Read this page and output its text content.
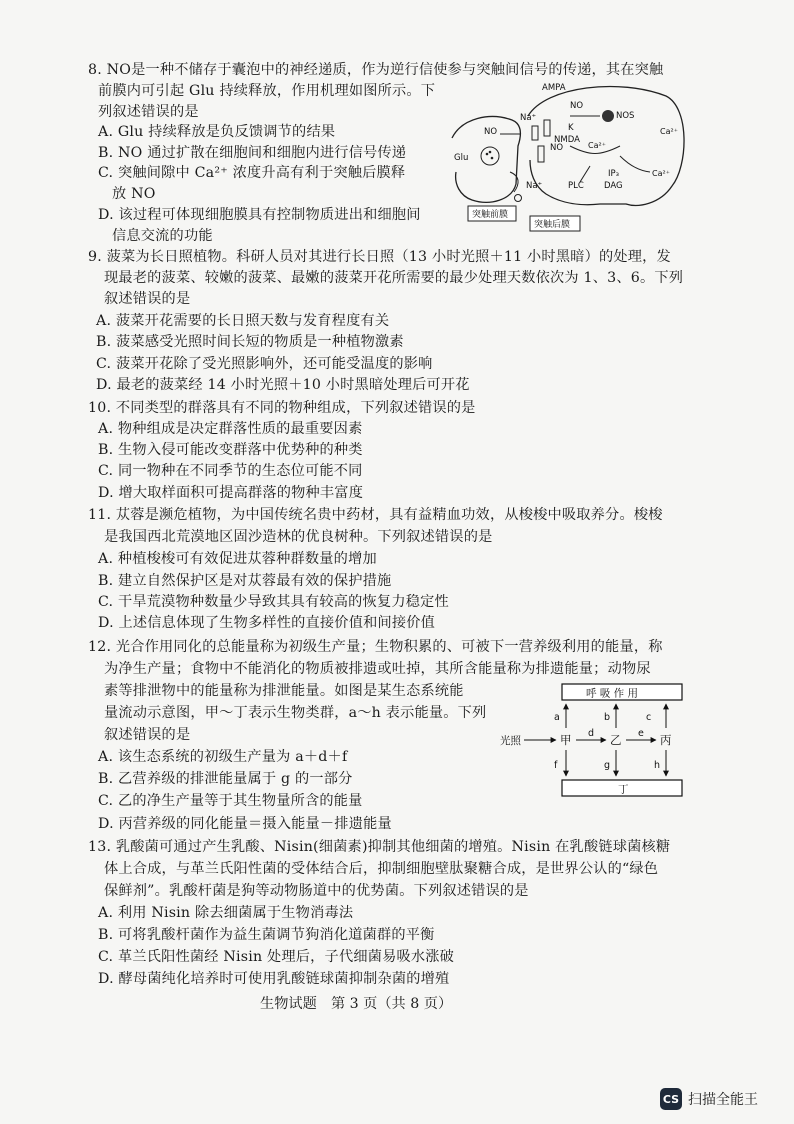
8. NO是一种不储存于囊泡中的神经递质，作为逆行信使参与突触间信号的传递，其在突触
前膜内可引起 Glu 持续释放，作用机理如图所示。下
列叙述错误的是
A. Glu 持续释放是负反馈调节的结果
B. NO 通过扩散在细胞间和细胞内进行信号传递
C. 突触间隙中 Ca²⁺ 浓度升高有利于突触后膜释
放 NO
D. 该过程可体现细胞膜具有控制物质进出和细胞间
信息交流的功能
AMPA
NO
NO
NO
NOS
Na⁺
Na⁺
K
NMDA
Ca²⁺
Ca²⁺
Ca²⁺
IP₃
DAG
PLC
Glu
突触前膜
突触后膜
9. 菠菜为长日照植物。科研人员对其进行长日照（13 小时光照＋11 小时黑暗）的处理，发
现最老的菠菜、较嫩的菠菜、最嫩的菠菜开花所需要的最少处理天数依次为 1、3、6。下列
叙述错误的是
A. 菠菜开花需要的长日照天数与发育程度有关
B. 菠菜感受光照时间长短的物质是一种植物激素
C. 菠菜开花除了受光照影响外，还可能受温度的影响
D. 最老的菠菜经 14 小时光照＋10 小时黑暗处理后可开花
10. 不同类型的群落具有不同的物种组成，下列叙述错误的是
A. 物种组成是决定群落性质的最重要因素
B. 生物入侵可能改变群落中优势种的种类
C. 同一物种在不同季节的生态位可能不同
D. 增大取样面积可提高群落的物种丰富度
11. 苁蓉是濒危植物，为中国传统名贵中药材，具有益精血功效，从梭梭中吸取养分。梭梭
是我国西北荒漠地区固沙造林的优良树种。下列叙述错误的是
A. 种植梭梭可有效促进苁蓉种群数量的增加
B. 建立自然保护区是对苁蓉最有效的保护措施
C. 干旱荒漠物种数量少导致其具有较高的恢复力稳定性
D. 上述信息体现了生物多样性的直接价值和间接价值
12. 光合作用同化的总能量称为初级生产量；生物积累的、可被下一营养级利用的能量，称
为净生产量；食物中不能消化的物质被排遗或吐掉，其所含能量称为排遗能量；动物尿
素等排泄物中的能量称为排泄能量。如图是某生态系统能
量流动示意图，甲～丁表示生物类群，a～h 表示能量。下列
叙述错误的是
A. 该生态系统的初级生产量为 a＋d＋f
B. 乙营养级的排泄能量属于 g 的一部分
C. 乙的净生产量等于其生物量所含的能量
D. 丙营养级的同化能量＝摄入能量－排遗能量
呼 吸 作 用
丁
光照	甲	乙	丙
a	b	c
d	e
f	g	h
13. 乳酸菌可通过产生乳酸、Nisin(细菌素)抑制其他细菌的增殖。Nisin 在乳酸链球菌核糖
体上合成，与革兰氏阳性菌的受体结合后，抑制细胞壁肽聚糖合成，是世界公认的“绿色
保鲜剂”。乳酸杆菌是狗等动物肠道中的优势菌。下列叙述错误的是
A. 利用 Nisin 除去细菌属于生物消毒法
B. 可将乳酸杆菌作为益生菌调节狗消化道菌群的平衡
C. 革兰氏阳性菌经 Nisin 处理后，子代细菌易吸水涨破
D. 酵母菌纯化培养时可使用乳酸链球菌抑制杂菌的增殖
生物试题　第 3 页（共 8 页）
CS 扫描全能王
